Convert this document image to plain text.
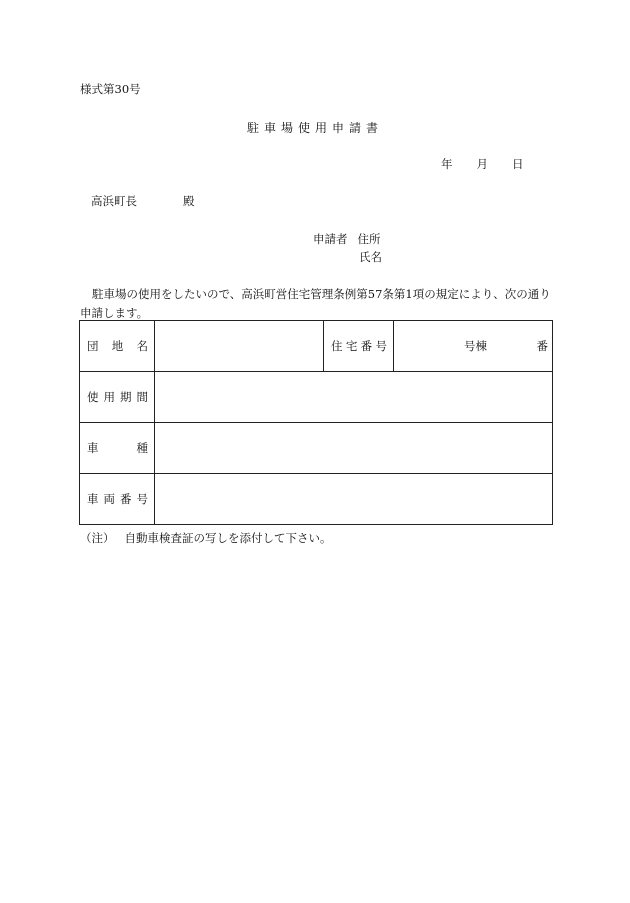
様式第30号
駐車場使用申請書
年 月 日
高浜町長	殿
申請者 住所
氏名
駐車場の使用をしたいので、高浜町営住宅管理条例第57条第1項の規定により、次の通り申請します。
団 地 名		住 宅 番 号	号棟 番

使 用 期 間			

車 種			

車 両 番 号			

（注） 自動車検査証の写しを添付して下さい。
